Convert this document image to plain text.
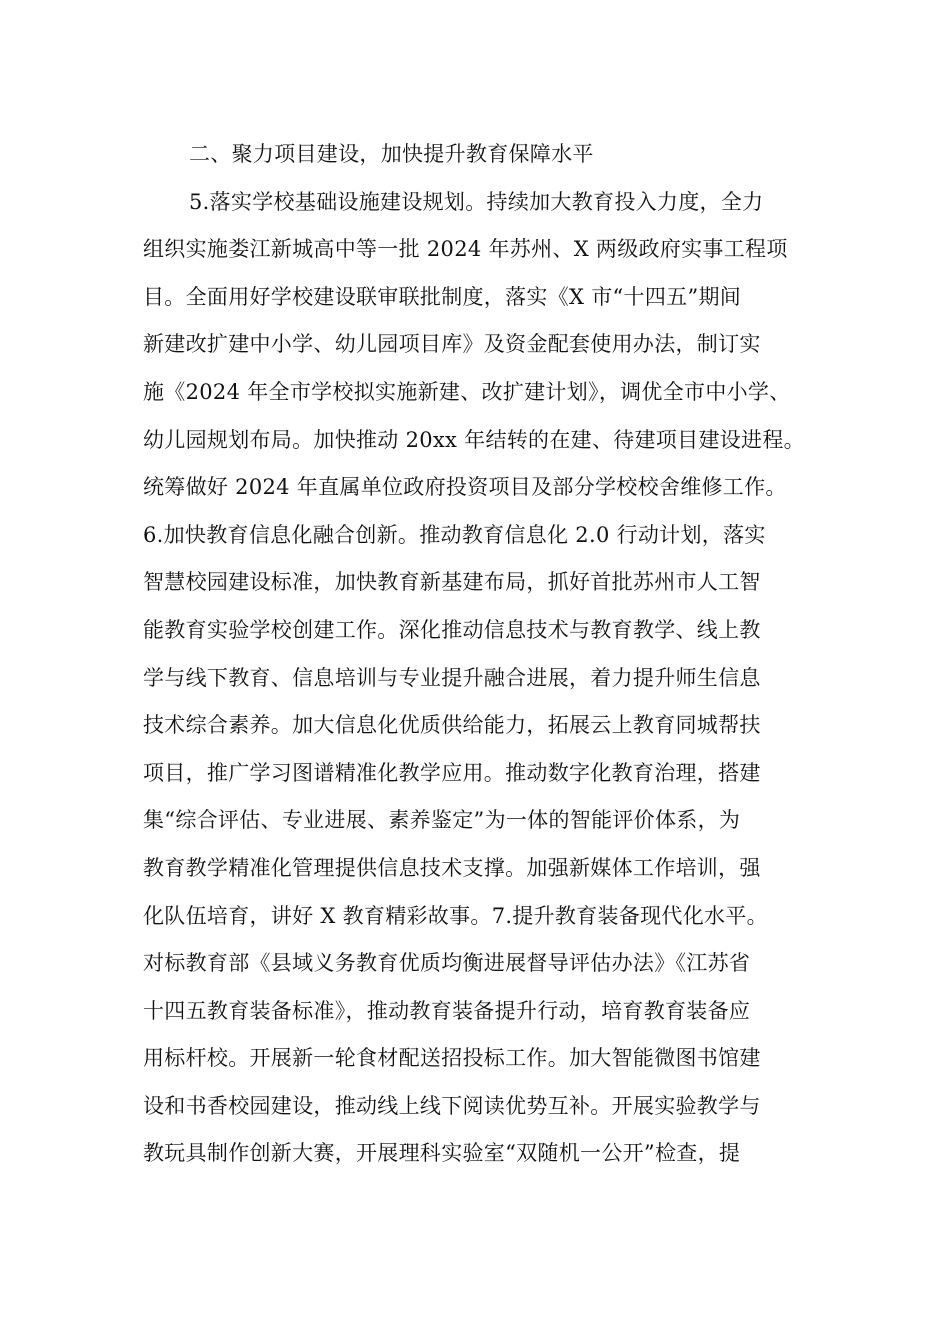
二、聚力项目建设，加快提升教育保障水平
5.落实学校基础设施建设规划。持续加大教育投入力度，全力
组织实施娄江新城高中等一批 2024 年苏州、X 两级政府实事工程项
目。全面用好学校建设联审联批制度，落实《X 市“十四五”期间
新建改扩建中小学、幼儿园项目库》及资金配套使用办法，制订实
施《2024 年全市学校拟实施新建、改扩建计划》，调优全市中小学、
幼儿园规划布局。加快推动 20xx 年结转的在建、待建项目建设进程。
统筹做好 2024 年直属单位政府投资项目及部分学校校舍维修工作。
6.加快教育信息化融合创新。推动教育信息化 2.0 行动计划，落实
智慧校园建设标准，加快教育新基建布局，抓好首批苏州市人工智
能教育实验学校创建工作。深化推动信息技术与教育教学、线上教
学与线下教育、信息培训与专业提升融合进展，着力提升师生信息
技术综合素养。加大信息化优质供给能力，拓展云上教育同城帮扶
项目，推广学习图谱精准化教学应用。推动数字化教育治理，搭建
集“综合评估、专业进展、素养鉴定”为一体的智能评价体系，为
教育教学精准化管理提供信息技术支撑。加强新媒体工作培训，强
化队伍培育，讲好 X 教育精彩故事。7.提升教育装备现代化水平。
对标教育部《县域义务教育优质均衡进展督导评估办法》《江苏省
十四五教育装备标准》，推动教育装备提升行动，培育教育装备应
用标杆校。开展新一轮食材配送招投标工作。加大智能微图书馆建
设和书香校园建设，推动线上线下阅读优势互补。开展实验教学与
教玩具制作创新大赛，开展理科实验室“双随机一公开”检查，提
